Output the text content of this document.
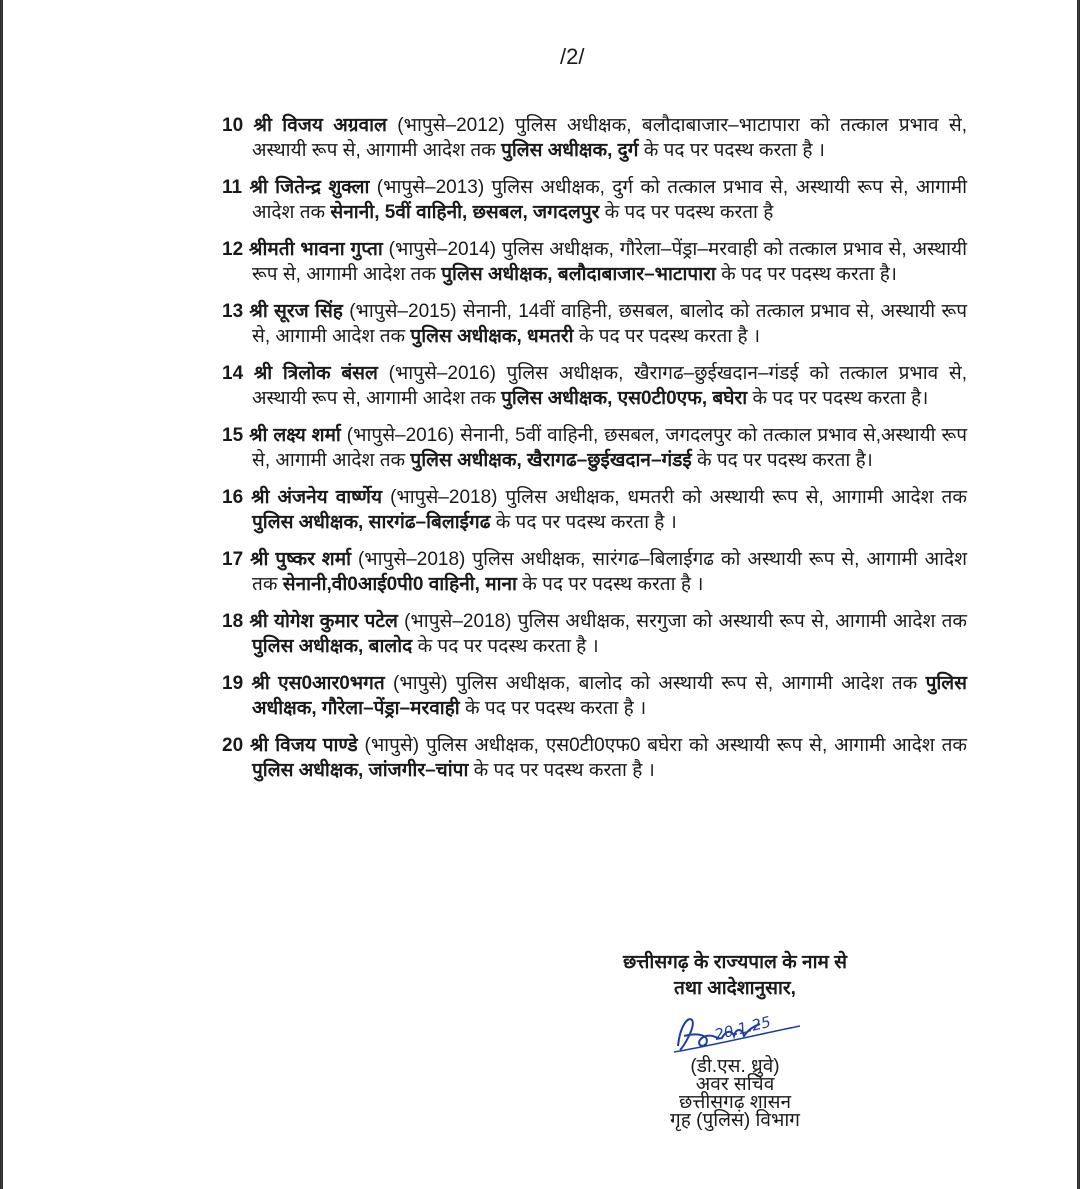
/2/
10 श्री विजय अग्रवाल (भापुसे–2012) पुलिस अधीक्षक, बलौदाबाजार–भाटापारा को तत्काल प्रभाव से, अस्थायी रूप से, आगामी आदेश तक पुलिस अधीक्षक, दुर्ग के पद पर पदस्थ करता है ।
11 श्री जितेन्द्र शुक्ला (भापुसे–2013) पुलिस अधीक्षक, दुर्ग को तत्काल प्रभाव से, अस्थायी रूप से, आगामी आदेश तक सेनानी, 5वीं वाहिनी, छसबल, जगदलपुर के पद पर पदस्थ करता है
12 श्रीमती भावना गुप्ता (भापुसे–2014) पुलिस अधीक्षक, गौरेला–पेंड्रा–मरवाही को तत्काल प्रभाव से, अस्थायी रूप से, आगामी आदेश तक पुलिस अधीक्षक, बलौदाबाजार–भाटापारा के पद पर पदस्थ करता है।
13 श्री सूरज सिंह (भापुसे–2015) सेनानी, 14वीं वाहिनी, छसबल, बालोद को तत्काल प्रभाव से, अस्थायी रूप से, आगामी आदेश तक पुलिस अधीक्षक, धमतरी के पद पर पदस्थ करता है ।
14 श्री त्रिलोक बंसल (भापुसे–2016) पुलिस अधीक्षक, खैरागढ–छुईखदान–गंडई को तत्काल प्रभाव से, अस्थायी रूप से, आगामी आदेश तक पुलिस अधीक्षक, एस0टी0एफ, बघेरा के पद पर पदस्थ करता है।
15 श्री लक्ष्य शर्मा (भापुसे–2016) सेनानी, 5वीं वाहिनी, छसबल, जगदलपुर को तत्काल प्रभाव से,अस्थायी रूप से, आगामी आदेश तक पुलिस अधीक्षक, खैरागढ–छुईखदान–गंडई के पद पर पदस्थ करता है।
16 श्री अंजनेय वार्ष्णेय (भापुसे–2018) पुलिस अधीक्षक, धमतरी को अस्थायी रूप से, आगामी आदेश तक पुलिस अधीक्षक, सारगंढ–बिलाईगढ के पद पर पदस्थ करता है ।
17 श्री पुष्कर शर्मा (भापुसे–2018) पुलिस अधीक्षक, सारंगढ–बिलाईगढ को अस्थायी रूप से, आगामी आदेश तक सेनानी,वी0आई0पी0 वाहिनी, माना के पद पर पदस्थ करता है ।
18 श्री योगेश कुमार पटेल (भापुसे–2018) पुलिस अधीक्षक, सरगुजा को अस्थायी रूप से, आगामी आदेश तक पुलिस अधीक्षक, बालोद के पद पर पदस्थ करता है ।
19 श्री एस0आर0भगत (भापुसे) पुलिस अधीक्षक, बालोद को अस्थायी रूप से, आगामी आदेश तक पुलिस अधीक्षक, गौरेला–पेंड्रा–मरवाही के पद पर पदस्थ करता है ।
20 श्री विजय पाण्डे (भापुसे) पुलिस अधीक्षक, एस0टी0एफ0 बघेरा को अस्थायी रूप से, आगामी आदेश तक पुलिस अधीक्षक, जांजगीर–चांपा के पद पर पदस्थ करता है ।
छत्तीसगढ़ के राज्यपाल के नाम से
तथा आदेशानुसार,
20.1.25
(डी.एस. ध्रुवे)
अवर सचिव
छत्तीसगढ़ शासन
गृह (पुलिस) विभाग
